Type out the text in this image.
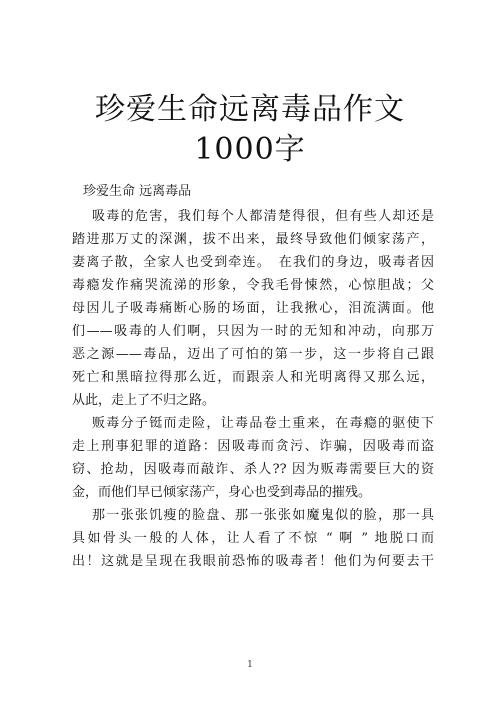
珍爱生命远离毒品作文
1000字
珍爱生命 远离毒品
吸毒的危害，我们每个人都清楚得很，但有些人却还是
踏进那万丈的深渊，拔不出来，最终导致他们倾家荡产，
妻离子散，全家人也受到牵连。　在我们的身边，吸毒者因
毒瘾发作痛哭流涕的形象，令我毛骨悚然，心惊胆战；父
母因儿子吸毒痛断心肠的场面，让我揪心，泪流满面。他
们——吸毒的人们啊，只因为一时的无知和冲动，向那万
恶之源——毒品，迈出了可怕的第一步，这一步将自己跟
死亡和黑暗拉得那么近，而跟亲人和光明离得又那么远，
从此，走上了不归之路。
贩毒分子铤而走险，让毒品卷土重来，在毒瘾的驱使下
走上刑事犯罪的道路：因吸毒而贪污、诈骗，因吸毒而盗
窃、抢劫，因吸毒而敲诈、杀人?? 因为贩毒需要巨大的资
金，而他们早已倾家荡产，身心也受到毒品的摧残。
那一张张饥瘦的脸盘、那一张张如魔鬼似的脸，那一具
具如骨头一般的人体，让人看了不惊 “ 啊 ” 地脱口而
出！这就是呈现在我眼前恐怖的吸毒者！他们为何要去干
1
